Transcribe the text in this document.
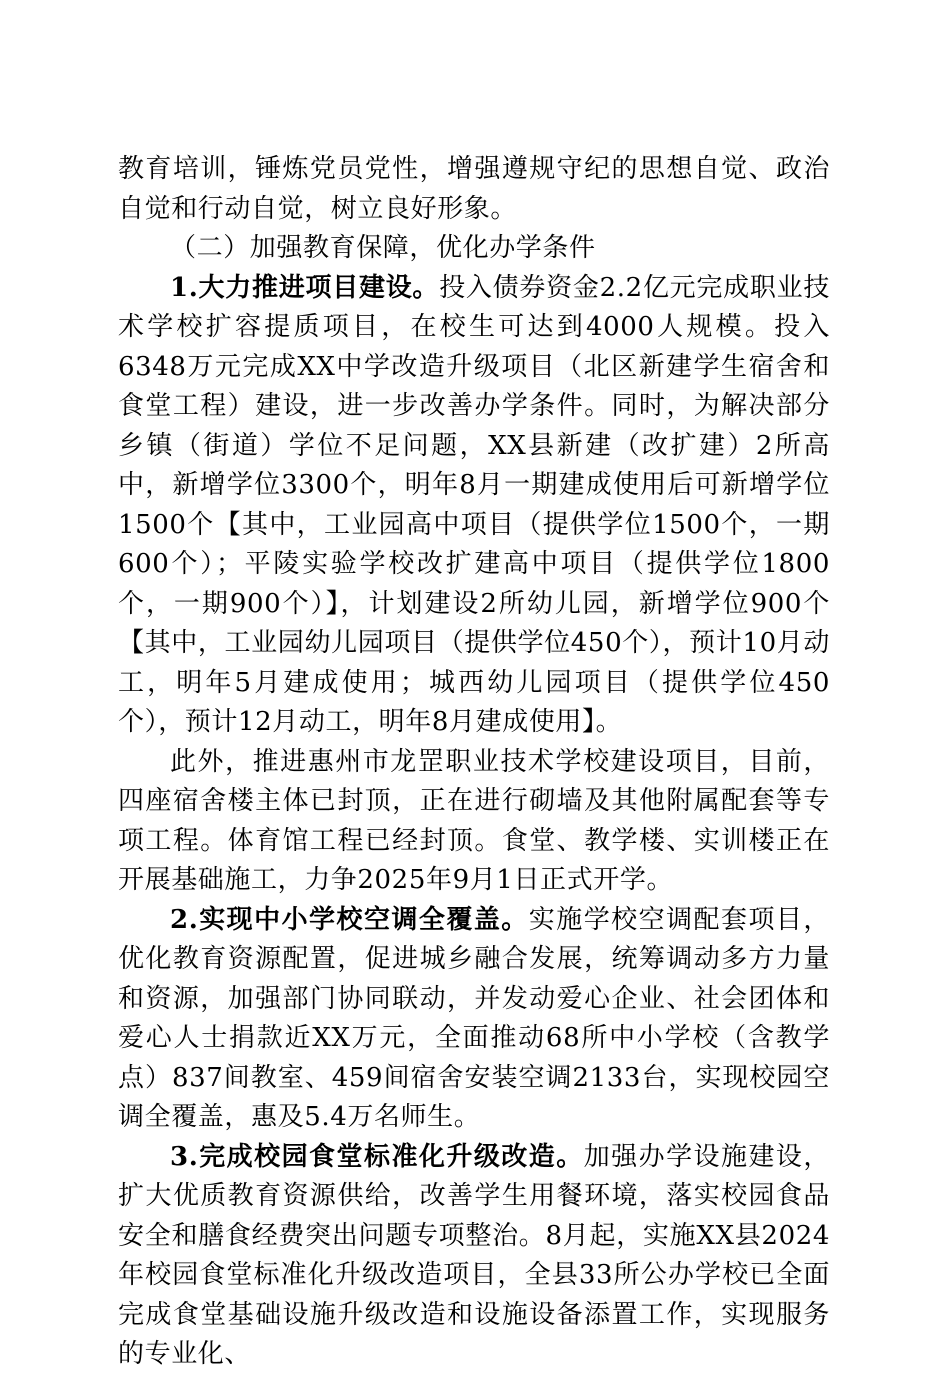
教育培训，锤炼党员党性，增强遵规守纪的思想自觉、政治自觉和行动自觉，树立良好形象。

（二）加强教育保障，优化办学条件

1.大力推进项目建设。投入债券资金2.2亿元完成职业技术学校扩容提质项目，在校生可达到4000人规模。投入6348万元完成XX中学改造升级项目（北区新建学生宿舍和食堂工程）建设，进一步改善办学条件。同时，为解决部分乡镇（街道）学位不足问题，XX县新建（改扩建）2所高中，新增学位3300个，明年8月一期建成使用后可新增学位1500个【其中，工业园高中项目（提供学位1500个，一期600个）；平陵实验学校改扩建高中项目（提供学位1800个，一期900个）】，计划建设2所幼儿园，新增学位900个【其中，工业园幼儿园项目（提供学位450个），预计10月动工，明年5月建成使用；城西幼儿园项目（提供学位450个），预计12月动工，明年8月建成使用】。

此外，推进惠州市龙罡职业技术学校建设项目，目前，四座宿舍楼主体已封顶，正在进行砌墙及其他附属配套等专项工程。体育馆工程已经封顶。食堂、教学楼、实训楼正在开展基础施工，力争2025年9月1日正式开学。

2.实现中小学校空调全覆盖。实施学校空调配套项目，优化教育资源配置，促进城乡融合发展，统筹调动多方力量和资源，加强部门协同联动，并发动爱心企业、社会团体和爱心人士捐款近XX万元，全面推动68所中小学校（含教学点）837间教室、459间宿舍安装空调2133台，实现校园空调全覆盖，惠及5.4万名师生。

3.完成校园食堂标准化升级改造。加强办学设施建设，扩大优质教育资源供给，改善学生用餐环境，落实校园食品安全和膳食经费突出问题专项整治。8月起，实施XX县2024年校园食堂标准化升级改造项目，全县33所公办学校已全面完成食堂基础设施升级改造和设施设备添置工作，实现服务的专业化、
